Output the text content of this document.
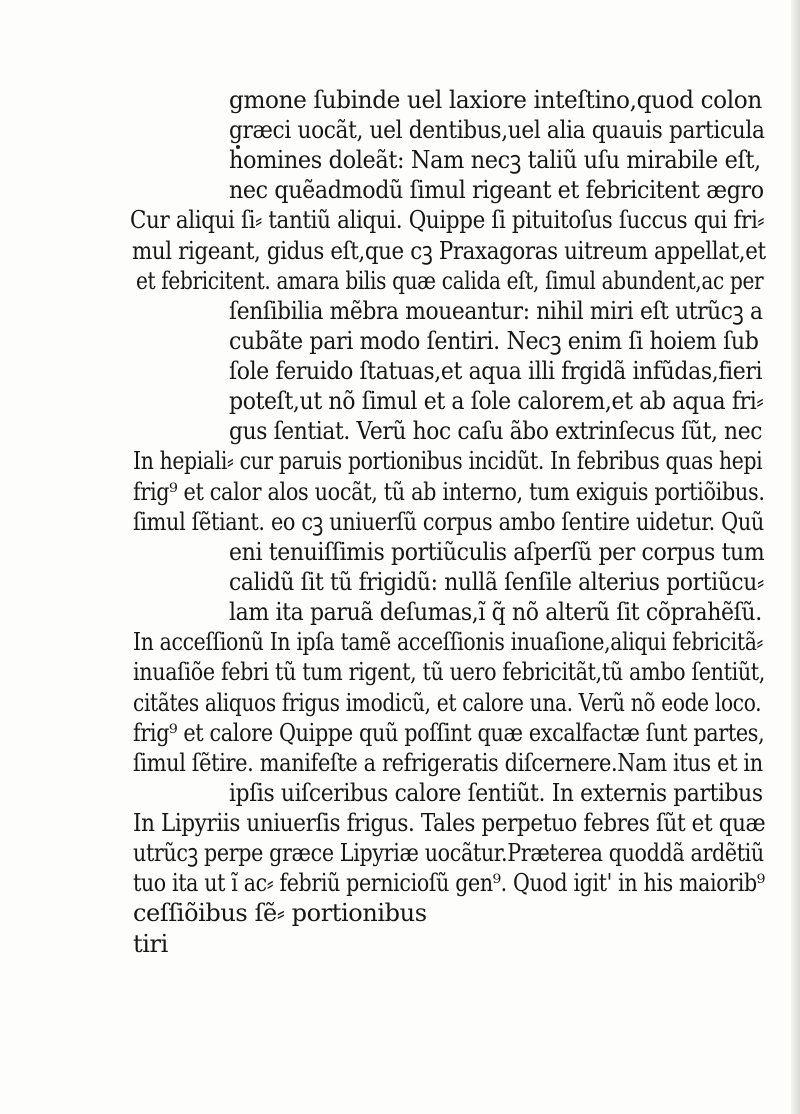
gmone ſubinde uel laxiore inteſtino,quod colon
græci uocãt, uel dentibus,uel alia quauis particula
homines doleãt: Nam necꝫ taliũ uſu mirabile eſt,
nec quẽadmodũ ſimul rigeant et febricitent ægro
Cur aliqui ſi⸗ tantiũ aliqui. Quippe ſi pituitoſus ſuccus qui fri⸗
mul rigeant, gidus eſt,que cꝫ Praxagoras uitreum appellat,et
et febricitent. amara bilis quæ calida eſt, ſimul abundent,ac per
ſenſibilia mẽbra moueantur: nihil miri eſt utrũcꝫ a
cubãte pari modo ſentiri. Necꝫ enim ſi hoiem ſub
ſole feruido ſtatuas,et aqua illi frgidã infũdas,fieri
poteſt,ut nõ ſimul et a ſole calorem,et ab aqua fri⸗
gus ſentiat. Verũ hoc caſu ãbo extrinſecus ſũt, nec
In hepiali⸗ cur paruis portionibus incidũt. In febribus quas hepi
frig⁹ et calor alos uocãt, tũ ab interno, tum exiguis portiõibus.
ſimul ſẽtiant. eo cꝫ uniuerſũ corpus ambo ſentire uidetur. Quũ
eni tenuiſſimis portiũculis aſperſũ per corpus tum
calidũ ſit tũ frigidũ: nullã ſenſile alterius portiũcu⸗
lam ita paruã deſumas,ĩ q̃ nõ alterũ ſit cõprahẽſũ.
In acceſſionũ In ipſa tamẽ acceſſionis inuaſione,aliqui febricitã⸗
inuaſiõe febri tũ tum rigent, tũ uero febricitãt,tũ ambo ſentiũt,
citãtes aliquos frigus imodicũ, et calore una. Verũ nõ eode loco.
frig⁹ et calore Quippe quũ poſſint quæ excalfactæ ſunt partes,
ſimul ſẽtire. manifeſte a refrigeratis diſcernere.Nam itus et in
ipſis uiſceribus calore ſentiũt. In externis partibus
In Lipyriis uniuerſis frigus. Tales perpetuo febres ſũt et quæ
utrũcꝫ perpe græce Lipyriæ uocãtur.Præterea quoddã ardẽtiũ
tuo ita ut ĩ ac⸗ febriũ pernicioſũ gen⁹. Quod igit' in his maiorib⁹
ceſſiõibus ſẽ⸗ portionibus
tiri
